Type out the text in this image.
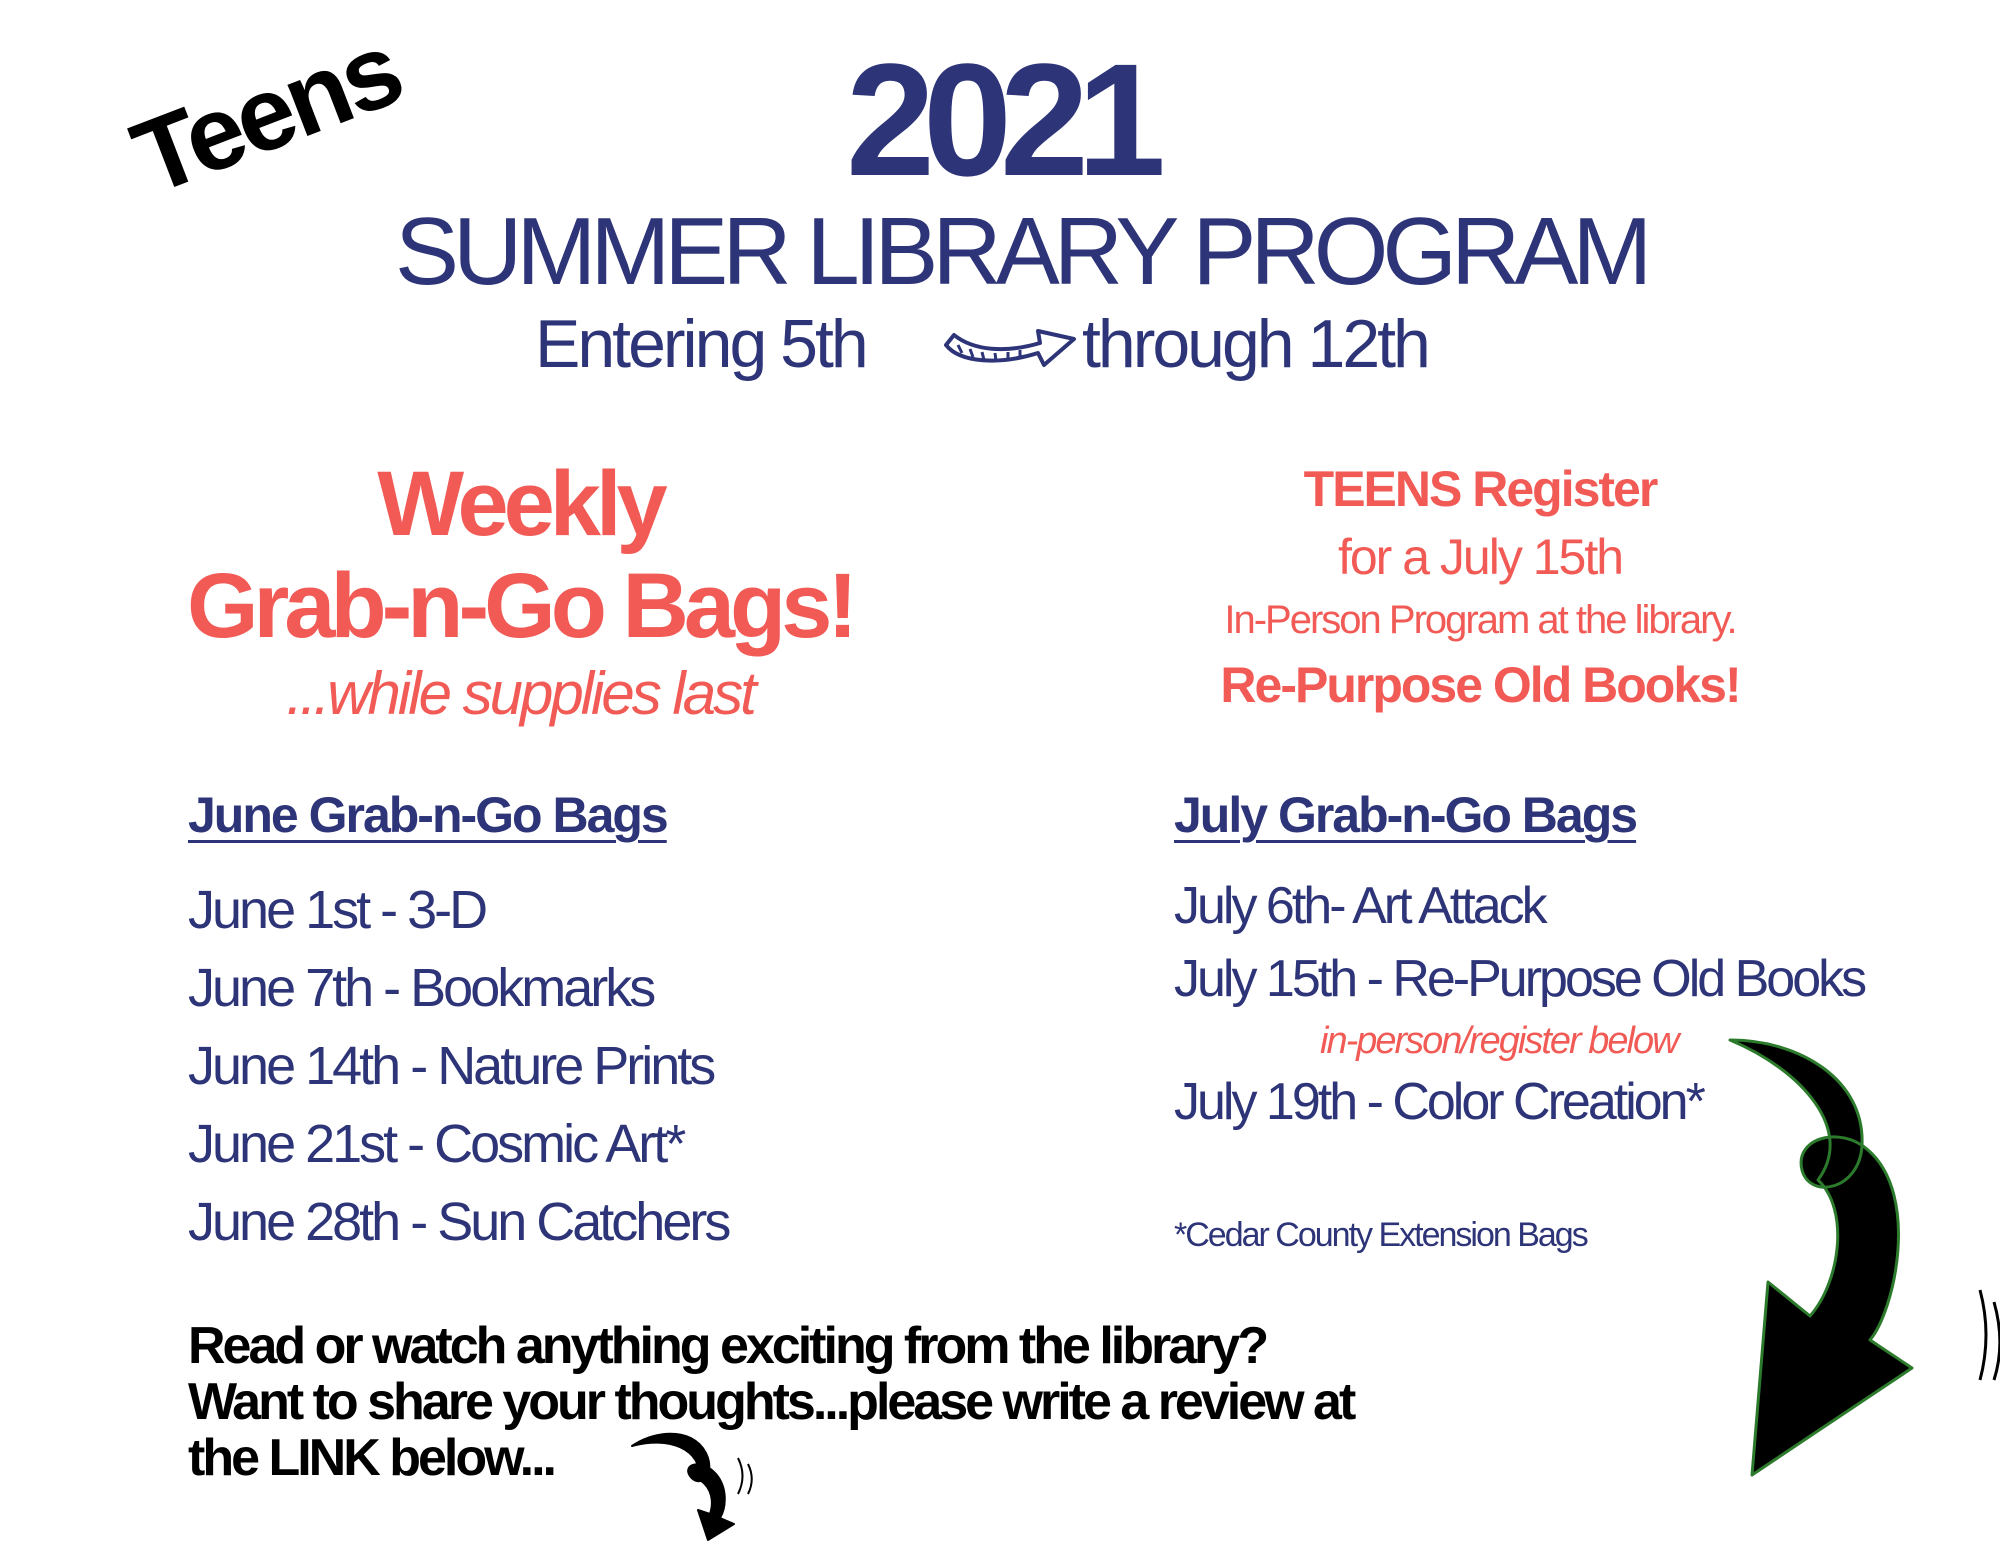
Teens	2021
SUMMER LIBRARY PROGRAM
Entering 5th	through 12th
Weekly
Grab-n-Go Bags!
...while supplies last
TEENS Register
for a July 15th
In-Person Program at the library.
Re-Purpose Old Books!
June Grab-n-Go Bags
June 1st - 3-D
June 7th - Bookmarks
June 14th - Nature Prints
June 21st - Cosmic Art*
June 28th - Sun Catchers
July Grab-n-Go Bags
July 6th- Art Attack
July 15th - Re-Purpose Old Books
in-person/register below
July 19th - Color Creation*
*Cedar County Extension Bags
Read or watch anything exciting from the library?
Want to share your thoughts...please write a review at
the LINK below...
